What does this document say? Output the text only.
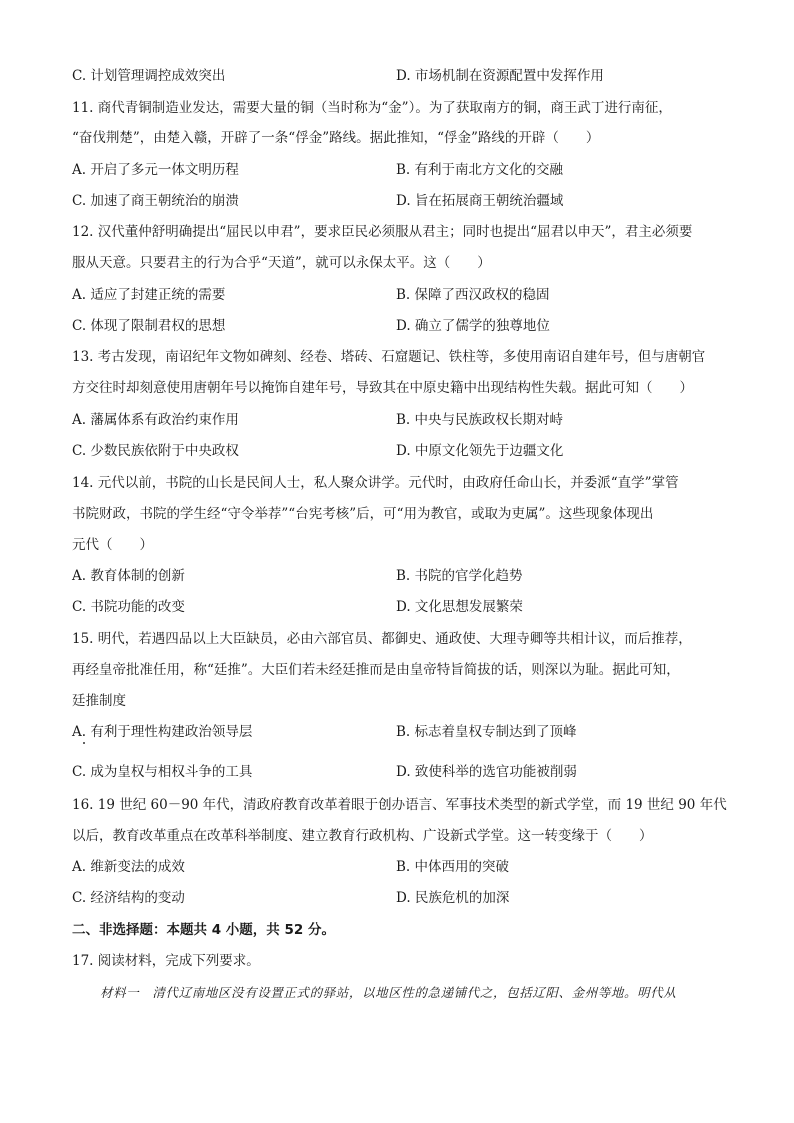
C. 计划管理调控成效突出	D. 市场机制在资源配置中发挥作用
11. 商代青铜制造业发达，需要大量的铜（当时称为“金”）。为了获取南方的铜，商王武丁进行南征，
“奋伐荆楚”，由楚入赣，开辟了一条“俘金”路线。据此推知，“俘金”路线的开辟（　　）
A. 开启了多元一体文明历程	B. 有利于南北方文化的交融
C. 加速了商王朝统治的崩溃	D. 旨在拓展商王朝统治疆域
12. 汉代董仲舒明确提出“屈民以申君”，要求臣民必须服从君主；同时也提出“屈君以申天”，君主必须要
服从天意。只要君主的行为合乎“天道”，就可以永保太平。这（　　）
A. 适应了封建正统的需要	B. 保障了西汉政权的稳固
C. 体现了限制君权的思想	D. 确立了儒学的独尊地位
13. 考古发现，南诏纪年文物如碑刻、经卷、塔砖、石窟题记、铁柱等，多使用南诏自建年号，但与唐朝官
方交往时却刻意使用唐朝年号以掩饰自建年号，导致其在中原史籍中出现结构性失载。据此可知（　　）
A. 藩属体系有政治约束作用	B. 中央与民族政权长期对峙
C. 少数民族依附于中央政权	D. 中原文化领先于边疆文化
14. 元代以前，书院的山长是民间人士，私人聚众讲学。元代时，由政府任命山长，并委派“直学”掌管
书院财政，书院的学生经“守令举荐”“台宪考核”后，可“用为教官，或取为吏属”。这些现象体现出
元代（　　）
A. 教育体制的创新	B. 书院的官学化趋势
C. 书院功能的改变	D. 文化思想发展繁荣
15. 明代，若遇四品以上大臣缺员，必由六部官员、都御史、通政使、大理寺卿等共相计议，而后推荐，
再经皇帝批准任用，称“廷推”。大臣们若未经廷推而是由皇帝特旨简拔的话，则深以为耻。据此可知，
廷推制度
A. 有利于理性构建政治领导层	B. 标志着皇权专制达到了顶峰
C. 成为皇权与相权斗争的工具	D. 致使科举的选官功能被削弱
16. 19 世纪 60－90 年代，清政府教育改革着眼于创办语言、军事技术类型的新式学堂，而 19 世纪 90 年代
以后，教育改革重点在改革科举制度、建立教育行政机构、广设新式学堂。这一转变缘于（　　）
A. 维新变法的成效	B. 中体西用的突破
C. 经济结构的变动	D. 民族危机的加深
二、非选择题：本题共 4 小题，共 52 分。
17. 阅读材料，完成下列要求。
材料一　清代辽南地区没有设置正式的驿站，以地区性的急递铺代之，包括辽阳、金州等地。明代从
